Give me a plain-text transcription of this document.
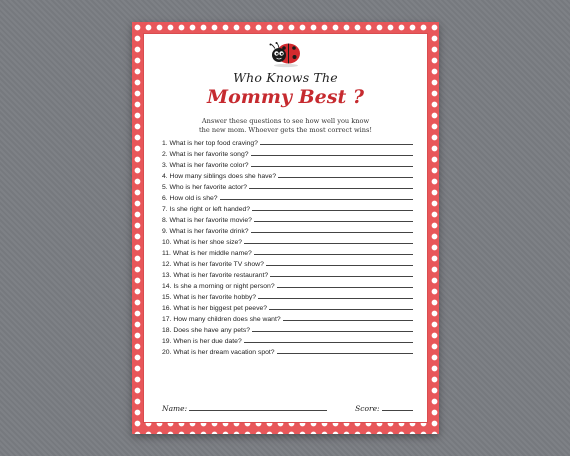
Who Knows The
Mommy Best ?
Answer these questions to see how well you know
the new mom. Whoever gets the most correct wins!
1. What is her top food craving?
2. What is her favorite song?
3. What is her favorite color?
4. How many siblings does she have?
5. Who is her favorite actor?
6. How old is she?
7. Is she right or left handed?
8. What is her favorite movie?
9. What is her favorite drink?
10. What is her shoe size?
11. What is her middle name?
12. What is her favorite TV show?
13. What is her favorite restaurant?
14. Is she a morning or night person?
15. What is her favorite hobby?
16. What is her biggest pet peeve?
17. How many children does she want?
18. Does she have any pets?
19. When is her due date?
20. What is her dream vacation spot?
Name:	Score:
